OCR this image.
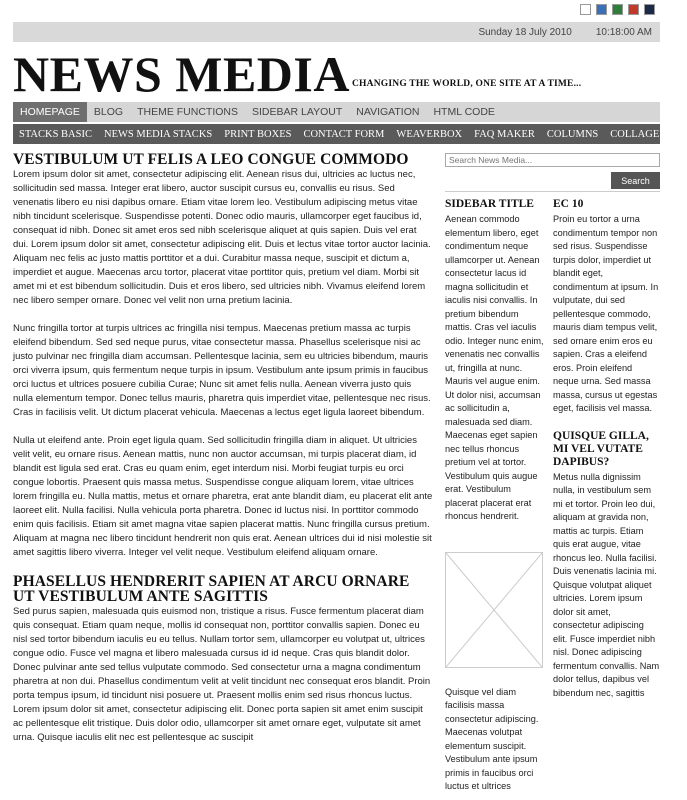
Sunday 18 July 2010 10:18:00 AM
NEWS MEDIA CHANGING THE WORLD, ONE SITE AT A TIME...
HOMEPAGE	BLOG	THEME FUNCTIONS	SIDEBAR LAYOUT	NAVIGATION	HTML CODE
STACKS BASIC	NEWS MEDIA STACKS	PRINT BOXES	CONTACT FORM	WEAVERBOX	FAQ MAKER	COLUMNS	COLLAGE	W
VESTIBULUM UT FELIS A LEO CONGUE COMMODO

Lorem ipsum dolor sit amet, consectetur adipiscing elit. Aenean risus dui, ultricies ac luctus nec, sollicitudin sed massa. Integer erat libero, auctor suscipit cursus eu, convallis eu risus. Sed venenatis libero eu nisi dapibus ornare. Etiam vitae lorem leo. Vestibulum adipiscing metus vitae nibh tincidunt scelerisque. Suspendisse potenti. Donec odio mauris, ullamcorper eget faucibus id, consequat id nibh. Donec sit amet eros sed nibh scelerisque aliquet at quis sapien. Duis vel erat dui. Lorem ipsum dolor sit amet, consectetur adipiscing elit. Duis et lectus vitae tortor auctor lacinia. Aliquam nec felis ac justo mattis porttitor et a dui. Curabitur massa neque, suscipit et dictum a, imperdiet et augue. Maecenas arcu tortor, placerat vitae porttitor quis, pretium vel diam. Morbi sit amet mi et est bibendum sollicitudin. Duis et eros libero, sed ultricies nibh. Vivamus eleifend lorem nec libero semper ornare. Donec vel velit non urna pretium lacinia.

Nunc fringilla tortor at turpis ultrices ac fringilla nisi tempus. Maecenas pretium massa ac turpis eleifend bibendum. Sed sed neque purus, vitae consectetur massa. Phasellus scelerisque nisi ac justo pulvinar nec fringilla diam accumsan. Pellentesque lacinia, sem eu ultricies bibendum, mauris orci viverra ipsum, quis fermentum neque turpis in ipsum. Vestibulum ante ipsum primis in faucibus orci luctus et ultrices posuere cubilia Curae; Nunc sit amet felis nulla. Aenean viverra justo quis nulla elementum tempor. Donec tellus mauris, pharetra quis imperdiet vitae, pellentesque nec risus. Cras in facilisis velit. Ut dictum placerat vehicula. Maecenas a lectus eget ligula laoreet bibendum.

Nulla ut eleifend ante. Proin eget ligula quam. Sed sollicitudin fringilla diam in aliquet. Ut ultricies velit velit, eu ornare risus. Aenean mattis, nunc non auctor accumsan, mi turpis placerat diam, id blandit est ligula sed erat. Cras eu quam enim, eget interdum nisi. Morbi feugiat turpis eu orci congue lobortis. Praesent quis massa metus. Suspendisse congue aliquam lorem, vitae ultrices lorem fringilla eu. Nulla mattis, metus et ornare pharetra, erat ante blandit diam, eu placerat elit ante laoreet elit. Nulla facilisi. Nulla vehicula porta pharetra. Donec id luctus nisi. In porttitor commodo enim quis facilisis. Etiam sit amet magna vitae sapien placerat mattis. Nunc fringilla cursus pretium. Aliquam at magna nec libero tincidunt hendrerit non quis erat. Aenean ultrices dui id nisi molestie sit amet sagittis libero viverra. Integer vel velit neque. Vestibulum eleifend aliquam ornare.

PHASELLUS HENDRERIT SAPIEN AT ARCU ORNARE UT VESTIBULUM ANTE SAGITTIS

Sed purus sapien, malesuada quis euismod non, tristique a risus. Fusce fermentum placerat diam quis consequat. Etiam quam neque, mollis id consequat non, porttitor convallis sapien. Donec eu nisl sed tortor bibendum iaculis eu eu tellus. Nullam tortor sem, ullamcorper eu volutpat ut, ultrices congue odio. Fusce vel magna et libero malesuada cursus id id neque. Cras quis blandit dolor. Donec pulvinar ante sed tellus vulputate commodo. Sed consectetur urna a magna condimentum pharetra at non dui. Phasellus condimentum velit at velit tincidunt nec consequat eros blandit. Proin porta tempus ipsum, id tincidunt nisi posuere ut. Praesent mollis enim sed risus rhoncus luctus. Lorem ipsum dolor sit amet, consectetur adipiscing elit. Donec porta sapien sit amet enim suscipit ac pellentesque elit tristique. Duis dolor odio, ullamcorper sit amet ornare eget, vulputate sit amet urna. Quisque iaculis elit nec est pellentesque ac suscipit

Search News Media...
Search
SIDEBAR TITLE

Aenean commodo elementum libero, eget condimentum neque ullamcorper ut. Aenean consectetur lacus id magna sollicitudin et iaculis nisi convallis. In pretium bibendum mattis. Cras vel iaculis odio. Integer nunc enim, venenatis nec convallis ut, fringilla at nunc. Mauris vel augue enim. Ut dolor nisi, accumsan ac sollicitudin a, malesuada sed diam. Maecenas eget sapien nec tellus rhoncus pretium vel at tortor. Vestibulum quis augue erat. Vestibulum placerat placerat erat rhoncus hendrerit.

Quisque vel diam facilisis massa consectetur adipiscing. Maecenas volutpat elementum suscipit. Vestibulum ante ipsum primis in faucibus orci luctus et ultrices

EC 10

Proin eu tortor a urna condimentum tempor non sed risus. Suspendisse turpis dolor, imperdiet ut blandit eget, condimentum at ipsum. In vulputate, dui sed pellentesque commodo, mauris diam tempus velit, sed ornare enim eros eu sapien. Cras a eleifend eros. Proin eleifend neque urna. Sed massa massa, cursus ut egestas eget, facilisis vel massa.

QUISQUE GILLA, MI VEL VUTATE DAPIBUS?

Metus nulla dignissim nulla, in vestibulum sem mi et tortor. Proin leo dui, aliquam at gravida non, mattis ac turpis. Etiam quis erat augue, vitae rhoncus leo. Nulla facilisi. Duis venenatis lacinia mi. Quisque volutpat aliquet ultricies. Lorem ipsum dolor sit amet, consectetur adipiscing elit. Fusce imperdiet nibh nisl. Donec adipiscing fermentum convallis. Nam dolor tellus, dapibus vel bibendum nec, sagittis
